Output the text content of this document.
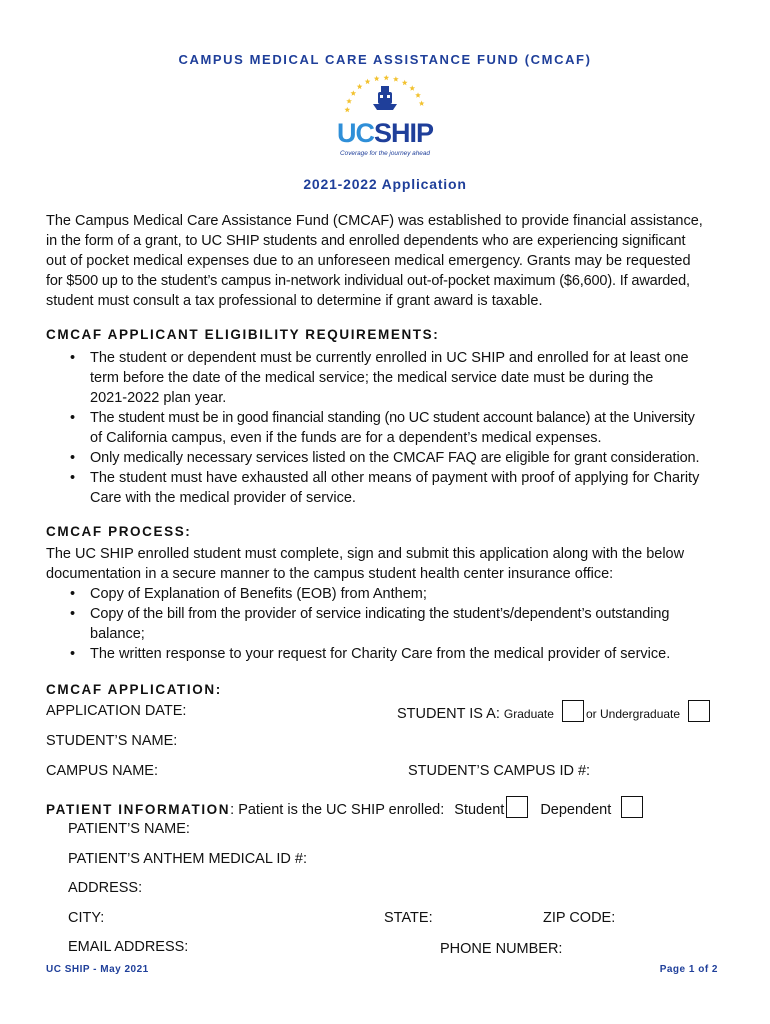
CAMPUS MEDICAL CARE ASSISTANCE FUND (CMCAF)
UCSHIP
Coverage for the journey ahead
2021-2022 Application

The Campus Medical Care Assistance Fund (CMCAF) was established to provide financial assistance,

in the form of a grant, to UC SHIP students and enrolled dependents who are experiencing significant

out of pocket medical expenses due to an unforeseen medical emergency. Grants may be requested

for $500 up to the student’s campus in-network individual out-of-pocket maximum ($6,600). If awarded,

student must consult a tax professional to determine if grant award is taxable.

CMCAF APPLICANT ELIGIBILITY REQUIREMENTS:
• The student or dependent must be currently enrolled in UC SHIP and enrolled for at least one
term before the date of the medical service; the medical service date must be during the
2021-2022 plan year.
• The student must be in good financial standing (no UC student account balance) at the University
of California campus, even if the funds are for a dependent’s medical expenses.
• Only medically necessary services listed on the CMCAF FAQ are eligible for grant consideration.
• The student must have exhausted all other means of payment with proof of applying for Charity
Care with the medical provider of service.
CMCAF PROCESS:

The UC SHIP enrolled student must complete, sign and submit this application along with the below

documentation in a secure manner to the campus student health center insurance office:

• Copy of Explanation of Benefits (EOB) from Anthem;
• Copy of the bill from the provider of service indicating the student’s/dependent’s outstanding
balance;
• The written response to your request for Charity Care from the medical provider of service.
CMCAF APPLICATION:
APPLICATION DATE:	STUDENT IS A: Graduate	or Undergraduate
STUDENT’S NAME:
CAMPUS NAME:	STUDENT’S CAMPUS ID #:
PATIENT INFORMATION: Patient is the UC SHIP enrolled: Student Dependent
PATIENT’S NAME:
PATIENT’S ANTHEM MEDICAL ID #:
ADDRESS:
CITY:	STATE:	ZIP CODE:
EMAIL ADDRESS:	PHONE NUMBER:
UC SHIP - May 2021	Page 1 of 2
